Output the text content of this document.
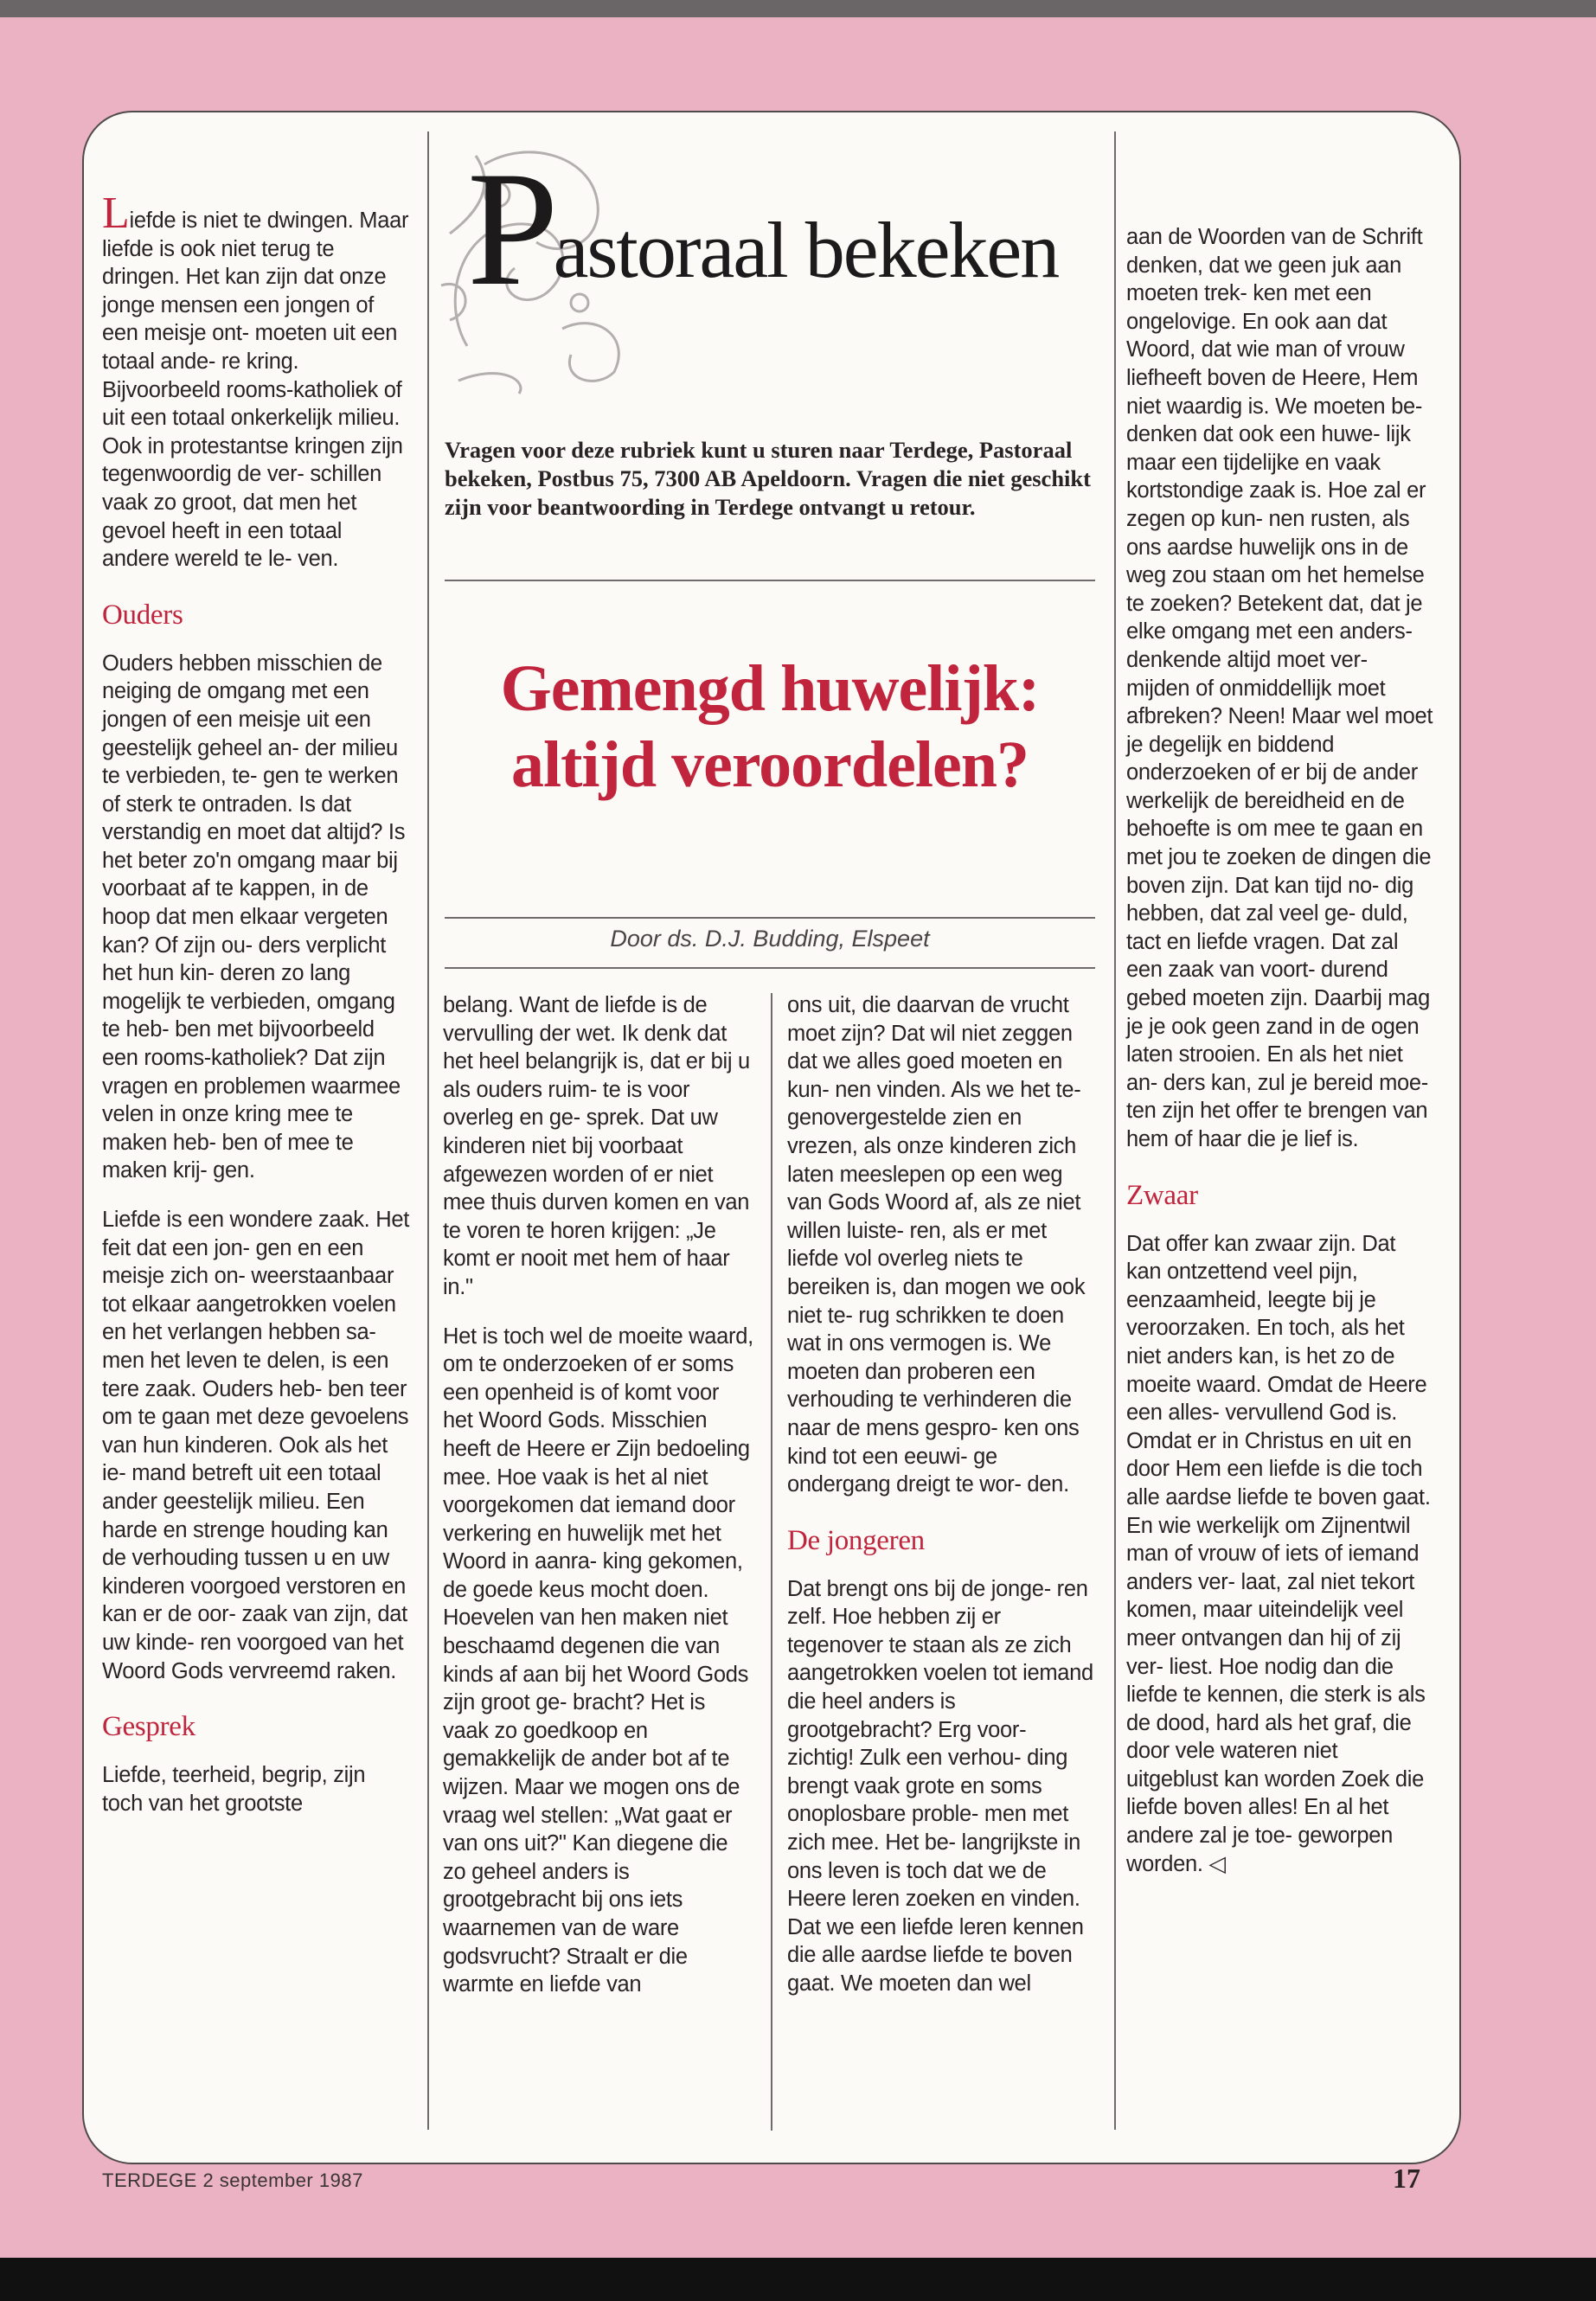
Pastoraal bekeken
Vragen voor deze rubriek kunt u sturen naar Terdege, Pastoraal bekeken, Postbus 75, 7300 AB Apeldoorn. Vragen die niet geschikt zijn voor beantwoording in Terdege ontvangt u retour.
Gemengd huwelijk:
altijd veroordelen?
Door ds. D.J. Budding, Elspeet

Liefde is niet te dwingen. Maar liefde is ook niet terug te dringen. Het kan zijn dat onze jonge mensen een jongen of een meisje ont- moeten uit een totaal ande- re kring. Bijvoorbeeld rooms-katholiek of uit een totaal onkerkelijk milieu. Ook in protestantse kringen zijn tegenwoordig de ver- schillen vaak zo groot, dat men het gevoel heeft in een totaal andere wereld te le- ven.

Ouders

Ouders hebben misschien de neiging de omgang met een jongen of een meisje uit een geestelijk geheel an- der milieu te verbieden, te- gen te werken of sterk te ontraden. Is dat verstandig en moet dat altijd? Is het beter zo'n omgang maar bij voorbaat af te kappen, in de hoop dat men elkaar vergeten kan? Of zijn ou- ders verplicht het hun kin- deren zo lang mogelijk te verbieden, omgang te heb- ben met bijvoorbeeld een rooms-katholiek? Dat zijn vragen en problemen waarmee velen in onze kring mee te maken heb- ben of mee te maken krij- gen.

Liefde is een wondere zaak. Het feit dat een jon- gen en een meisje zich on- weerstaanbaar tot elkaar aangetrokken voelen en het verlangen hebben sa- men het leven te delen, is een tere zaak. Ouders heb- ben teer om te gaan met deze gevoelens van hun kinderen. Ook als het ie- mand betreft uit een totaal ander geestelijk milieu. Een harde en strenge houding kan de verhouding tussen u en uw kinderen voorgoed verstoren en kan er de oor- zaak van zijn, dat uw kinde- ren voorgoed van het Woord Gods vervreemd raken.

Gesprek

Liefde, teerheid, begrip, zijn toch van het grootste

belang. Want de liefde is de vervulling der wet. Ik denk dat het heel belangrijk is, dat er bij u als ouders ruim- te is voor overleg en ge- sprek. Dat uw kinderen niet bij voorbaat afgewezen worden of er niet mee thuis durven komen en van te voren te horen krijgen: „Je komt er nooit met hem of haar in."

Het is toch wel de moeite waard, om te onderzoeken of er soms een openheid is of komt voor het Woord Gods. Misschien heeft de Heere er Zijn bedoeling mee. Hoe vaak is het al niet voorgekomen dat iemand door verkering en huwelijk met het Woord in aanra- king gekomen, de goede keus mocht doen. Hoevelen van hen maken niet beschaamd degenen die van kinds af aan bij het Woord Gods zijn groot ge- bracht? Het is vaak zo goedkoop en gemakkelijk de ander bot af te wijzen. Maar we mogen ons de vraag wel stellen: „Wat gaat er van ons uit?" Kan diegene die zo geheel anders is grootgebracht bij ons iets waarnemen van de ware godsvrucht? Straalt er die warmte en liefde van

ons uit, die daarvan de vrucht moet zijn? Dat wil niet zeggen dat we alles goed moeten en kun- nen vinden. Als we het te- genovergestelde zien en vrezen, als onze kinderen zich laten meeslepen op een weg van Gods Woord af, als ze niet willen luiste- ren, als er met liefde vol overleg niets te bereiken is, dan mogen we ook niet te- rug schrikken te doen wat in ons vermogen is. We moeten dan proberen een verhouding te verhinderen die naar de mens gespro- ken ons kind tot een eeuwi- ge ondergang dreigt te wor- den.

De jongeren

Dat brengt ons bij de jonge- ren zelf. Hoe hebben zij er tegenover te staan als ze zich aangetrokken voelen tot iemand die heel anders is grootgebracht? Erg voor- zichtig! Zulk een verhou- ding brengt vaak grote en soms onoplosbare proble- men met zich mee. Het be- langrijkste in ons leven is toch dat we de Heere leren zoeken en vinden. Dat we een liefde leren kennen die alle aardse liefde te boven gaat. We moeten dan wel

aan de Woorden van de Schrift denken, dat we geen juk aan moeten trek- ken met een ongelovige. En ook aan dat Woord, dat wie man of vrouw liefheeft boven de Heere, Hem niet waardig is. We moeten be- denken dat ook een huwe- lijk maar een tijdelijke en vaak kortstondige zaak is. Hoe zal er zegen op kun- nen rusten, als ons aardse huwelijk ons in de weg zou staan om het hemelse te zoeken? Betekent dat, dat je elke omgang met een anders- denkende altijd moet ver- mijden of onmiddellijk moet afbreken? Neen! Maar wel moet je degelijk en biddend onderzoeken of er bij de ander werkelijk de bereidheid en de behoefte is om mee te gaan en met jou te zoeken de dingen die boven zijn. Dat kan tijd no- dig hebben, dat zal veel ge- duld, tact en liefde vragen. Dat zal een zaak van voort- durend gebed moeten zijn. Daarbij mag je je ook geen zand in de ogen laten strooien. En als het niet an- ders kan, zul je bereid moe- ten zijn het offer te brengen van hem of haar die je lief is.

Zwaar

Dat offer kan zwaar zijn. Dat kan ontzettend veel pijn, eenzaamheid, leegte bij je veroorzaken. En toch, als het niet anders kan, is het zo de moeite waard. Omdat de Heere een alles- vervullend God is. Omdat er in Christus en uit en door Hem een liefde is die toch alle aardse liefde te boven gaat. En wie werkelijk om Zijnentwil man of vrouw of iets of iemand anders ver- laat, zal niet tekort komen, maar uiteindelijk veel meer ontvangen dan hij of zij ver- liest. Hoe nodig dan die liefde te kennen, die sterk is als de dood, hard als het graf, die door vele wateren niet uitgeblust kan worden Zoek die liefde boven alles! En al het andere zal je toe- geworpen worden. ◁

TERDEGE 2 september 1987	17
